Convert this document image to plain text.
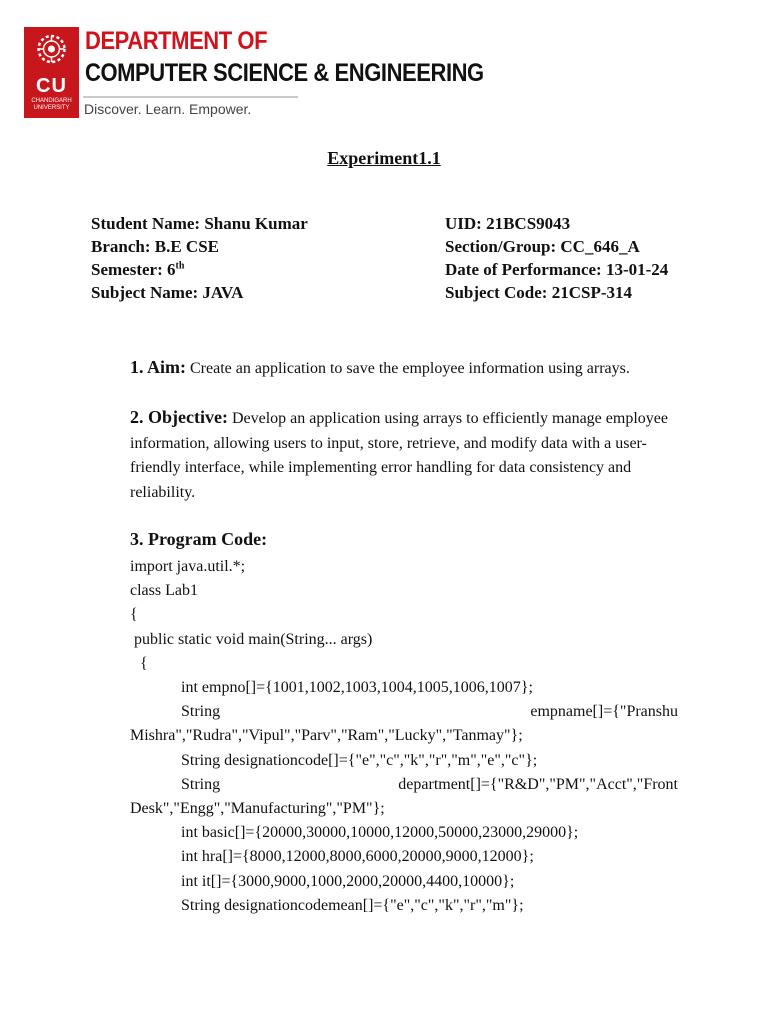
CU
CHANDIGARH UNIVERSITY
DEPARTMENT OF
COMPUTER SCIENCE & ENGINEERING
Discover. Learn. Empower.
Experiment1.1
Student Name: Shanu Kumar	UID: 21BCS9043
Branch: B.E CSE	Section/Group: CC_646_A
Semester: 6th	Date of Performance: 13-01-24
Subject Name: JAVA	Subject Code: 21CSP-314
1. Aim: Create an application to save the employee information using arrays.
2. Objective: Develop an application using arrays to efficiently manage employee information, allowing users to input, store, retrieve, and modify data with a user-friendly interface, while implementing error handling for data consistency and reliability.
3. Program Code:
import java.util.*;
class Lab1
{
public static void main(String... args)
{
int empno[]={1001,1002,1003,1004,1005,1006,1007};
String	empname[]={"Pranshu
Mishra","Rudra","Vipul","Parv","Ram","Lucky","Tanmay"};
String designationcode[]={"e","c","k","r","m","e","c"};
String	department[]={"R&D","PM","Acct","Front
Desk","Engg","Manufacturing","PM"};
int basic[]={20000,30000,10000,12000,50000,23000,29000};
int hra[]={8000,12000,8000,6000,20000,9000,12000};
int it[]={3000,9000,1000,2000,20000,4400,10000};
String designationcodemean[]={"e","c","k","r","m"};
